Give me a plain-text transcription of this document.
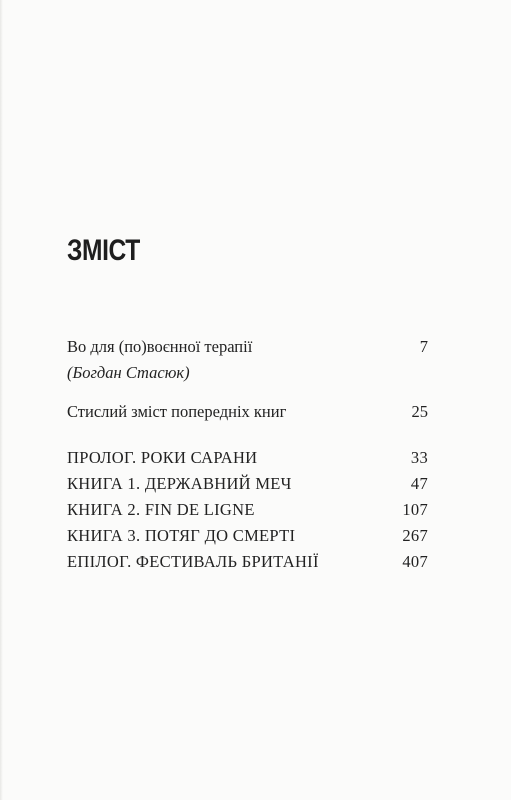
ЗМІСТ
Во для (по)воєнної терапії	7
(Богдан Стасюк)
Стислий зміст попередніх книг	25
ПРОЛОГ. РОКИ САРАНИ	33
КНИГА 1. ДЕРЖАВНИЙ МЕЧ	47
КНИГА 2. FIN DE LIGNE	107
КНИГА 3. ПОТЯГ ДО СМЕРТІ	267
ЕПІЛОГ. ФЕСТИВАЛЬ БРИТАНІЇ	407
